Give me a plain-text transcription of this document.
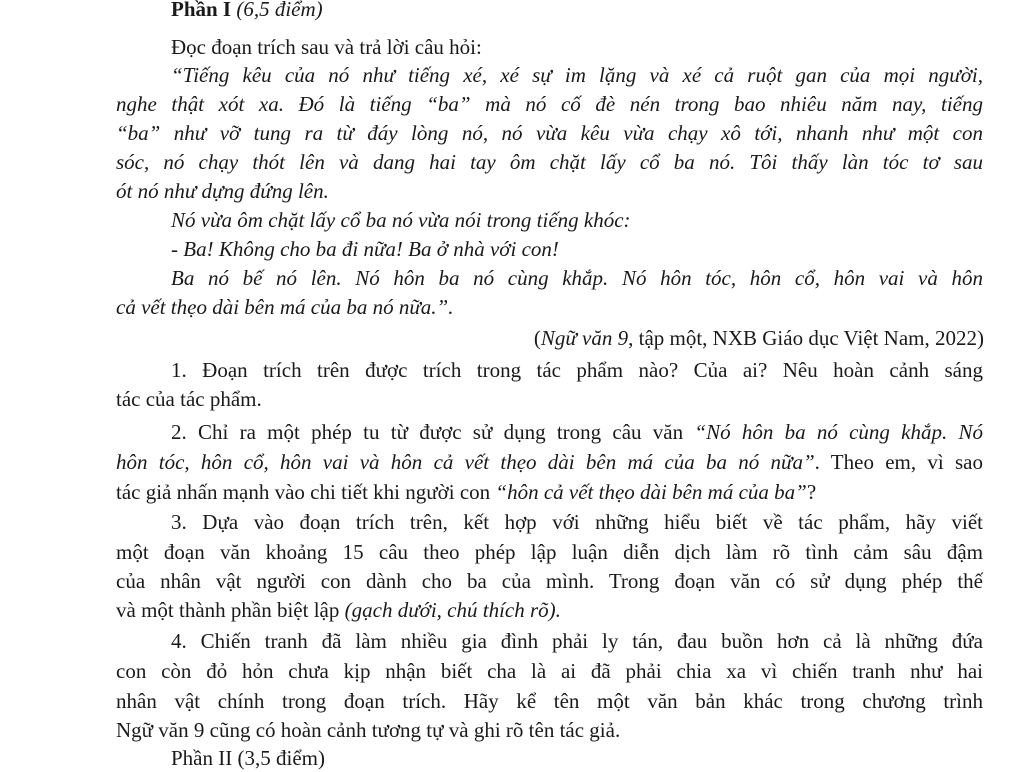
Phần I (6,5 điểm)
Đọc đoạn trích sau và trả lời câu hỏi:
“Tiếng kêu của nó như tiếng xé, xé sự im lặng và xé cả ruột gan của mọi người,
nghe thật xót xa. Đó là tiếng “ba” mà nó cố đè nén trong bao nhiêu năm nay, tiếng
“ba” như vỡ tung ra từ đáy lòng nó, nó vừa kêu vừa chạy xô tới, nhanh như một con
sóc, nó chạy thót lên và dang hai tay ôm chặt lấy cổ ba nó. Tôi thấy làn tóc tơ sau
ót nó như dựng đứng lên.
Nó vừa ôm chặt lấy cổ ba nó vừa nói trong tiếng khóc:
- Ba! Không cho ba đi nữa! Ba ở nhà với con!
Ba nó bế nó lên. Nó hôn ba nó cùng khắp. Nó hôn tóc, hôn cổ, hôn vai và hôn
cả vết thẹo dài bên má của ba nó nữa.”.
(Ngữ văn 9, tập một, NXB Giáo dục Việt Nam, 2022)
1. Đoạn trích trên được trích trong tác phẩm nào? Của ai? Nêu hoàn cảnh sáng
tác của tác phẩm.
2. Chỉ ra một phép tu từ được sử dụng trong câu văn “Nó hôn ba nó cùng khắp. Nó
hôn tóc, hôn cổ, hôn vai và hôn cả vết thẹo dài bên má của ba nó nữa”. Theo em, vì sao
tác giả nhấn mạnh vào chi tiết khi người con “hôn cả vết thẹo dài bên má của ba”?
3. Dựa vào đoạn trích trên, kết hợp với những hiểu biết về tác phẩm, hãy viết
một đoạn văn khoảng 15 câu theo phép lập luận diễn dịch làm rõ tình cảm sâu đậm
của nhân vật người con dành cho ba của mình. Trong đoạn văn có sử dụng phép thế
và một thành phần biệt lập (gạch dưới, chú thích rõ).
4. Chiến tranh đã làm nhiều gia đình phải ly tán, đau buồn hơn cả là những đứa
con còn đỏ hỏn chưa kịp nhận biết cha là ai đã phải chia xa vì chiến tranh như hai
nhân vật chính trong đoạn trích. Hãy kể tên một văn bản khác trong chương trình
Ngữ văn 9 cũng có hoàn cảnh tương tự và ghi rõ tên tác giả.
Phần II (3,5 điểm)
